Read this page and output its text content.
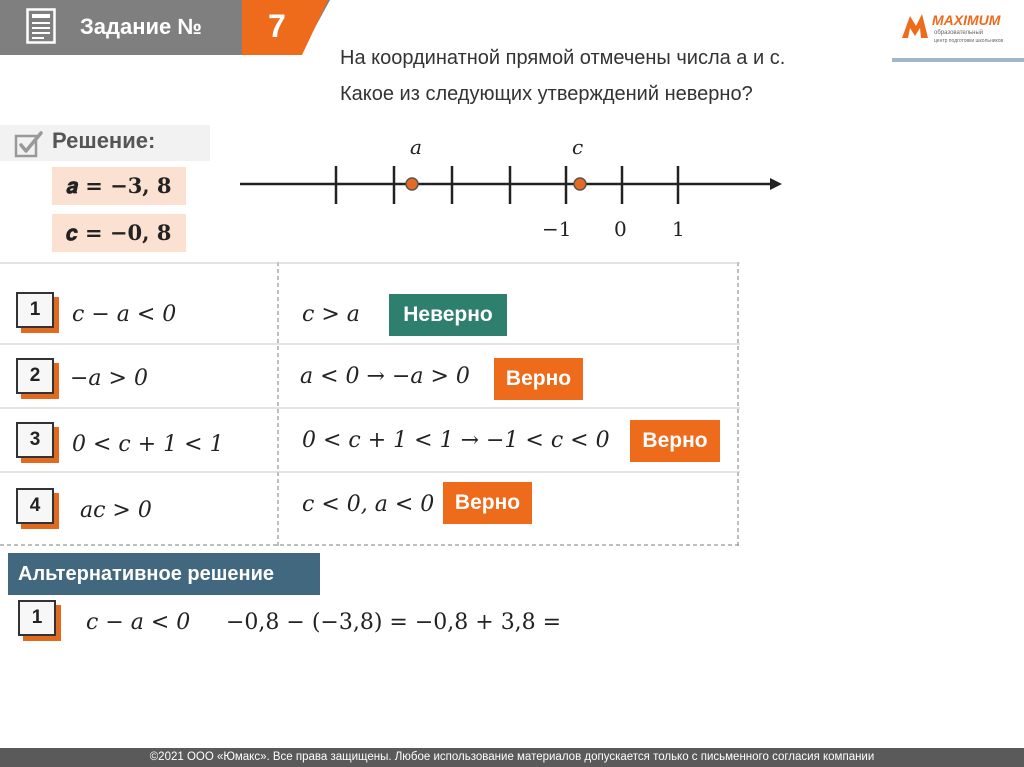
Задание № 7
На координатной прямой отмечены числа а и с.
Какое из следующих утверждений неверно?
MAXIMUM
образовательный
центр подготовки школьников
Решение:
𝒂 = −𝟑, 𝟖
𝒄 = −𝟎, 𝟖
a	c
−1 0 1
1	c − a < 0	c > a	Неверно
2	−a > 0	a < 0 → −a > 0	Верно
3	0 < c + 1 < 1	0 < c + 1 < 1 → −1 < c < 0	Верно
4	ac > 0	c < 0, a < 0 Верно
Альтернативное решение
1	c − a < 0 −0,8 − (−3,8) = −0,8 + 3,8 =
©2021 ООО «Юмакс». Все права защищены. Любое использование материалов допускается только с письменного согласия компании
